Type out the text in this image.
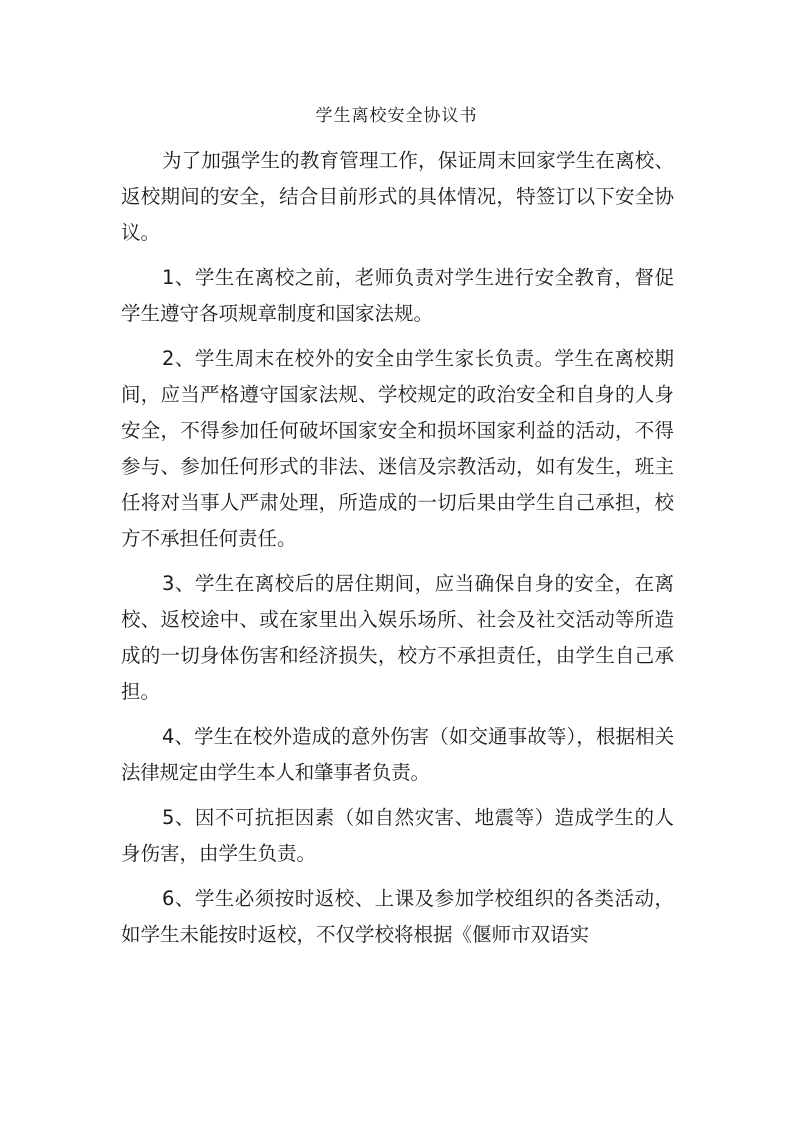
学生离校安全协议书

为了加强学生的教育管理工作，保证周末回家学生在离校、返校期间的安全，结合目前形式的具体情况，特签订以下安全协议。

1、学生在离校之前，老师负责对学生进行安全教育，督促学生遵守各项规章制度和国家法规。

2、学生周末在校外的安全由学生家长负责。学生在离校期间，应当严格遵守国家法规、学校规定的政治安全和自身的人身安全，不得参加任何破坏国家安全和损坏国家利益的活动，不得参与、参加任何形式的非法、迷信及宗教活动，如有发生，班主任将对当事人严肃处理，所造成的一切后果由学生自己承担，校方不承担任何责任。

3、学生在离校后的居住期间，应当确保自身的安全，在离校、返校途中、或在家里出入娱乐场所、社会及社交活动等所造成的一切身体伤害和经济损失，校方不承担责任，由学生自己承担。

4、学生在校外造成的意外伤害（如交通事故等），根据相关法律规定由学生本人和肇事者负责。

5、因不可抗拒因素（如自然灾害、地震等）造成学生的人身伤害，由学生负责。

6、学生必须按时返校、上课及参加学校组织的各类活动，如学生未能按时返校，不仅学校将根据《偃师市双语实
